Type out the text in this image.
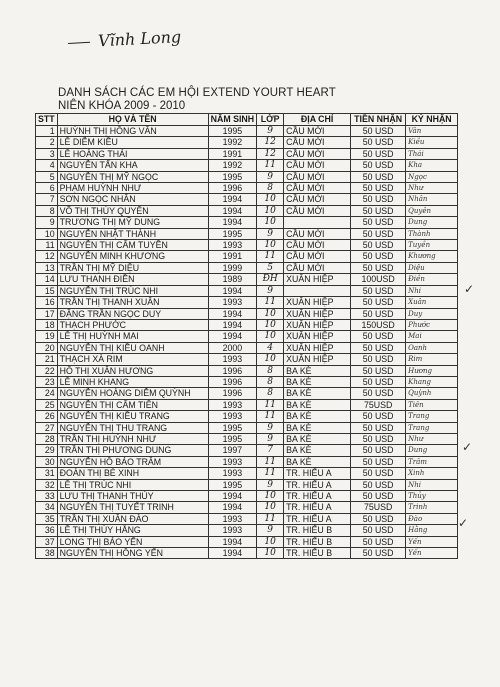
Vĩnh Long
DANH SÁCH CÁC EM HỘI EXTEND YOURT HEART
NIÊN KHÓA 2009 - 2010
STT	HỌ VÀ TÊN	NĂM SINH	LỚP	ĐỊA CHỈ	TIỀN NHẬN	KÝ NHẬN
1	HUỲNH THỊ HỒNG VÂN	1995	9	CẦU MỚI	50 USD	Vân
2	LÊ DIỄM KIỀU	1992	12	CẦU MỚI	50 USD	Kiều
3	LÊ HOÀNG THÁI	1991	12	CẦU MỚI	50 USD	Thái
4	NGUYỄN TẤN KHA	1992	11	CẦU MỚI	50 USD	Kha
5	NGUYỄN THỊ MỸ NGỌC	1995	9	CẦU MỚI	50 USD	Ngọc
6	PHẠM HUỲNH NHƯ	1996	8	CẦU MỚI	50 USD	Như
7	SƠN NGỌC NHÂN	1994	10	CẦU MỚI	50 USD	Nhân
8	VÕ THỊ THÚY QUYÊN	1994	10	CẦU MỚI	50 USD	Quyên
9	TRƯƠNG THỊ MỸ DUNG	1994	10		50 USD	Dung
10	NGUYỄN NHẬT THÀNH	1995	9	CẦU MỚI	50 USD	Thành
11	NGUYỄN THỊ CẨM TUYỀN	1993	10	CẦU MỚI	50 USD	Tuyền
12	NGUYỄN MINH KHƯƠNG	1991	11	CẦU MỚI	50 USD	Khương
13	TRẦN THỊ MỸ DIỆU	1999	5	CẦU MỚI	50 USD	Diệu
14	LƯU THANH ĐIỀN	1989	ĐH	XUÂN HIỆP	100USD	Điền
15	NGUYỄN THỊ TRÚC NHI	1994	9		50 USD	Nhi
16	TRẦN THỊ THANH XUÂN	1993	11	XUÂN HIỆP	50 USD	Xuân
17	ĐẶNG TRẦN NGỌC DUY	1994	10	XUÂN HIỆP	50 USD	Duy
18	THẠCH PHƯỚC	1994	10	XUÂN HIỆP	150USD	Phước
19	LÊ THỊ HUỲNH MAI	1994	10	XUÂN HIỆP	50 USD	Mai
20	NGUYỄN THỊ KIỀU OANH	2000	4	XUÂN HIỆP	50 USD	Oanh
21	THẠCH XÀ RIM	1993	10	XUÂN HIỆP	50 USD	Rim
22	HỒ THỊ XUÂN HƯƠNG	1996	8	BA KÈ	50 USD	Hương
23	LÊ MINH KHANG	1996	8	BA KÈ	50 USD	Khang
24	NGUYỄN HOÀNG DIỄM QUỲNH	1996	8	BA KÈ	50 USD	Quỳnh
25	NGUYỄN THỊ CẨM TIÊN	1993	11	BA KÈ	75USD	Tiên
26	NGUYỄN THỊ KIỀU TRANG	1993	11	BA KÈ	50 USD	Trang
27	NGUYỄN THỊ THU TRANG	1995	9	BA KÈ	50 USD	Trang
28	TRẦN THỊ HUỲNH NHƯ	1995	9	BA KÈ	50 USD	Như
29	TRẦN THỊ PHƯƠNG DUNG	1997	7	BA KÈ	50 USD	Dung
30	NGUYỄN HỒ BẢO TRÂM	1993	11	BA KÈ	50 USD	Trâm
31	ĐOÀN THỊ BÉ XINH	1993	11	TR. HIẾU A	50 USD	Xinh
32	LÊ THỊ TRÚC NHI	1995	9	TR. HIẾU A	50 USD	Nhi
33	LƯU THỊ THANH THỦY	1994	10	TR. HIẾU A	50 USD	Thủy
34	NGUYỄN THỊ TUYẾT TRINH	1994	10	TR. HIẾU A	75USD	Trinh
35	TRẦN THỊ XUÂN ĐÀO	1993	11	TR. HIẾU A	50 USD	Đào
36	LÊ THỊ THÚY HẰNG	1993	9	TR. HIẾU B	50 USD	Hằng
37	LONG THỊ BẢO YẾN	1994	10	TR. HIẾU B	50 USD	Yến
38	NGUYỄN THỊ HỒNG YẾN	1994	10	TR. HIẾU B	50 USD	Yến
✓
✓
✓
